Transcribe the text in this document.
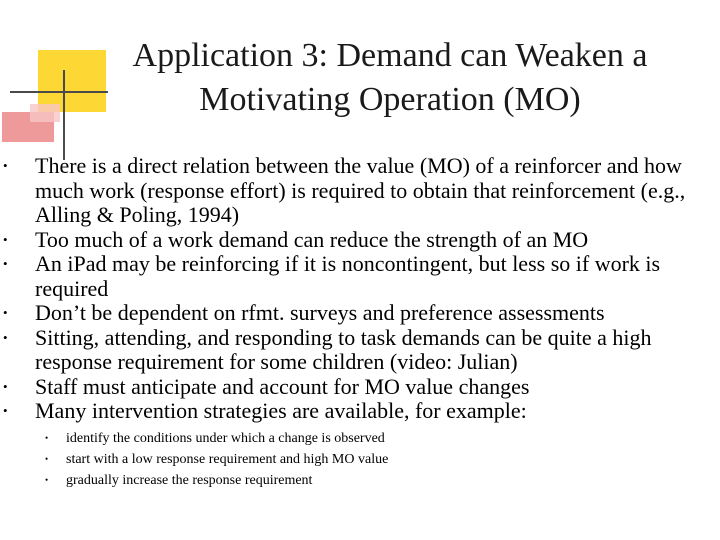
Application 3: Demand can Weaken a
Motivating Operation (MO)
• There is a direct relation between the value (MO) of a reinforcer and how much work (response effort) is required to obtain that reinforcement (e.g., Alling & Poling, 1994)
• Too much of a work demand can reduce the strength of an MO
• An iPad may be reinforcing if it is noncontingent, but less so if work is required
• Don’t be dependent on rfmt. surveys and preference assessments
• Sitting, attending, and responding to task demands can be quite a high response requirement for some children (video: Julian)
• Staff must anticipate and account for MO value changes
• Many intervention strategies are available, for example:
• identify the conditions under which a change is observed
• start with a low response requirement and high MO value
• gradually increase the response requirement
